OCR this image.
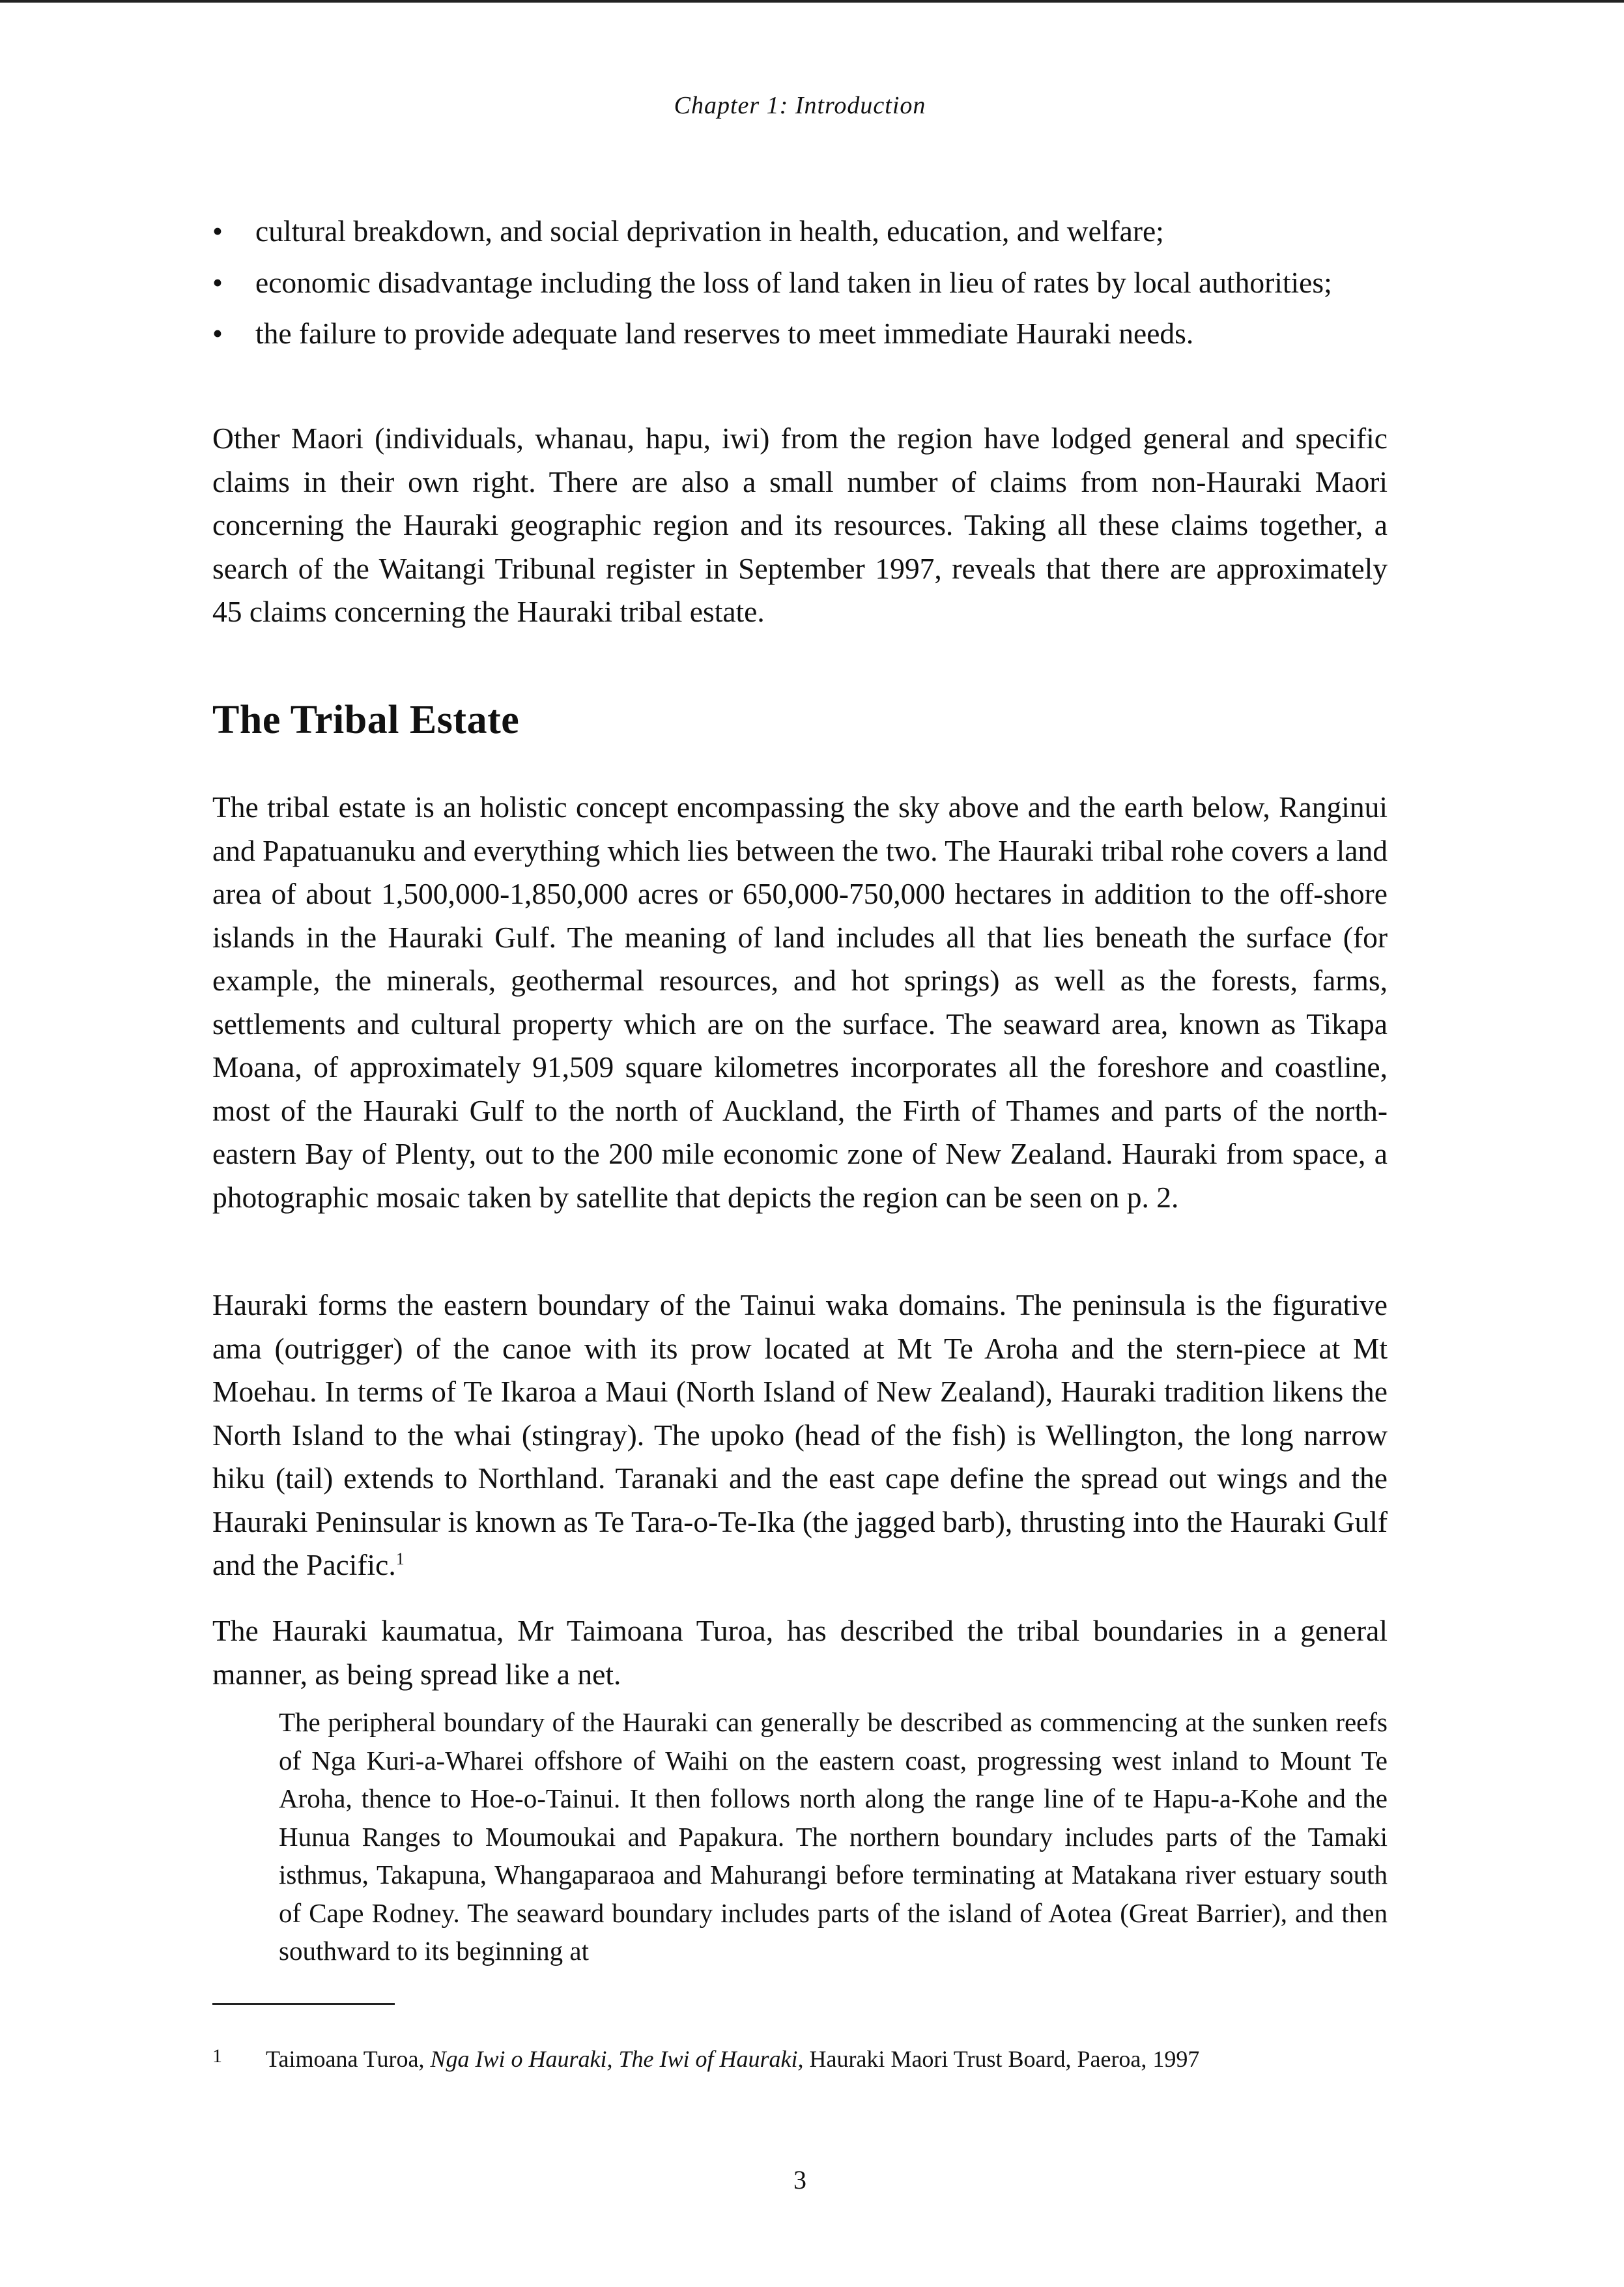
Chapter 1: Introduction
• cultural breakdown, and social deprivation in health, education, and welfare;
• economic disadvantage including the loss of land taken in lieu of rates by local authorities;
• the failure to provide adequate land reserves to meet immediate Hauraki needs.

Other Maori (individuals, whanau, hapu, iwi) from the region have lodged general and specific claims in their own right. There are also a small number of claims from non-Hauraki Maori concerning the Hauraki geographic region and its resources. Taking all these claims together, a search of the Waitangi Tribunal register in September 1997, reveals that there are approximately 45 claims concerning the Hauraki tribal estate.

The Tribal Estate

The tribal estate is an holistic concept encompassing the sky above and the earth below, Ranginui and Papatuanuku and everything which lies between the two. The Hauraki tribal rohe covers a land area of about 1,500,000-1,850,000 acres or 650,000-750,000 hectares in addition to the off-shore islands in the Hauraki Gulf. The meaning of land includes all that lies beneath the surface (for example, the minerals, geothermal resources, and hot springs) as well as the forests, farms, settlements and cultural property which are on the surface. The seaward area, known as Tikapa Moana, of approximately 91,509 square kilometres incorporates all the foreshore and coastline, most of the Hauraki Gulf to the north of Auckland, the Firth of Thames and parts of the north-eastern Bay of Plenty, out to the 200 mile economic zone of New Zealand. Hauraki from space, a photographic mosaic taken by satellite that depicts the region can be seen on p. 2.

Hauraki forms the eastern boundary of the Tainui waka domains. The peninsula is the figurative ama (outrigger) of the canoe with its prow located at Mt Te Aroha and the stern-piece at Mt Moehau. In terms of Te Ikaroa a Maui (North Island of New Zealand), Hauraki tradition likens the North Island to the whai (stingray). The upoko (head of the fish) is Wellington, the long narrow hiku (tail) extends to Northland. Taranaki and the east cape define the spread out wings and the Hauraki Peninsular is known as Te Tara-o-Te-Ika (the jagged barb), thrusting into the Hauraki Gulf and the Pacific.$^1$

The Hauraki kaumatua, Mr Taimoana Turoa, has described the tribal boundaries in a general manner, as being spread like a net.

The peripheral boundary of the Hauraki can generally be described as commencing at the sunken reefs of Nga Kuri-a-Wharei offshore of Waihi on the eastern coast, progressing west inland to Mount Te Aroha, thence to Hoe-o-Tainui. It then follows north along the range line of te Hapu-a-Kohe and the Hunua Ranges to Moumoukai and Papakura. The northern boundary includes parts of the Tamaki isthmus, Takapuna, Whangaparaoa and Mahurangi before terminating at Matakana river estuary south of Cape Rodney. The seaward boundary includes parts of the island of Aotea (Great Barrier), and then southward to its beginning at

1 Taimoana Turoa, Nga Iwi o Hauraki, The Iwi of Hauraki, Hauraki Maori Trust Board, Paeroa, 1997
3
